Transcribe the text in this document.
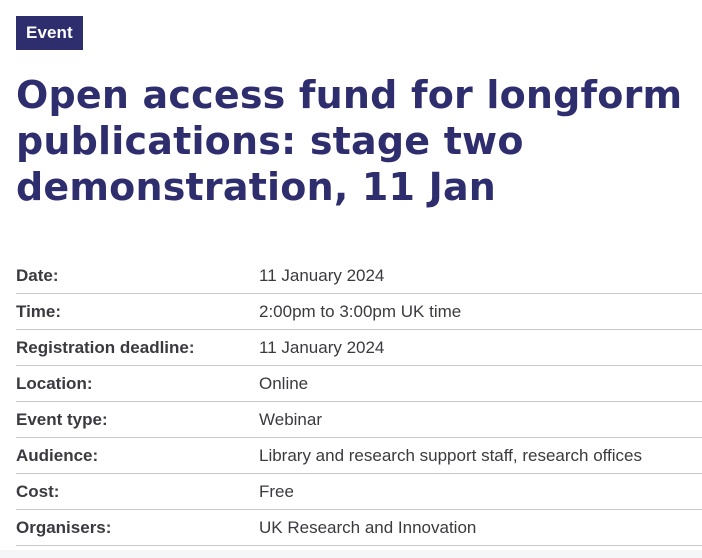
Event
Open access fund for longform publications: stage two demonstration, 11 Jan
Date:	11 January 2024
Time:	2:00pm to 3:00pm UK time
Registration deadline:	11 January 2024
Location:	Online
Event type:	Webinar
Audience:	Library and research support staff, research offices
Cost:	Free
Organisers:	UK Research and Innovation
